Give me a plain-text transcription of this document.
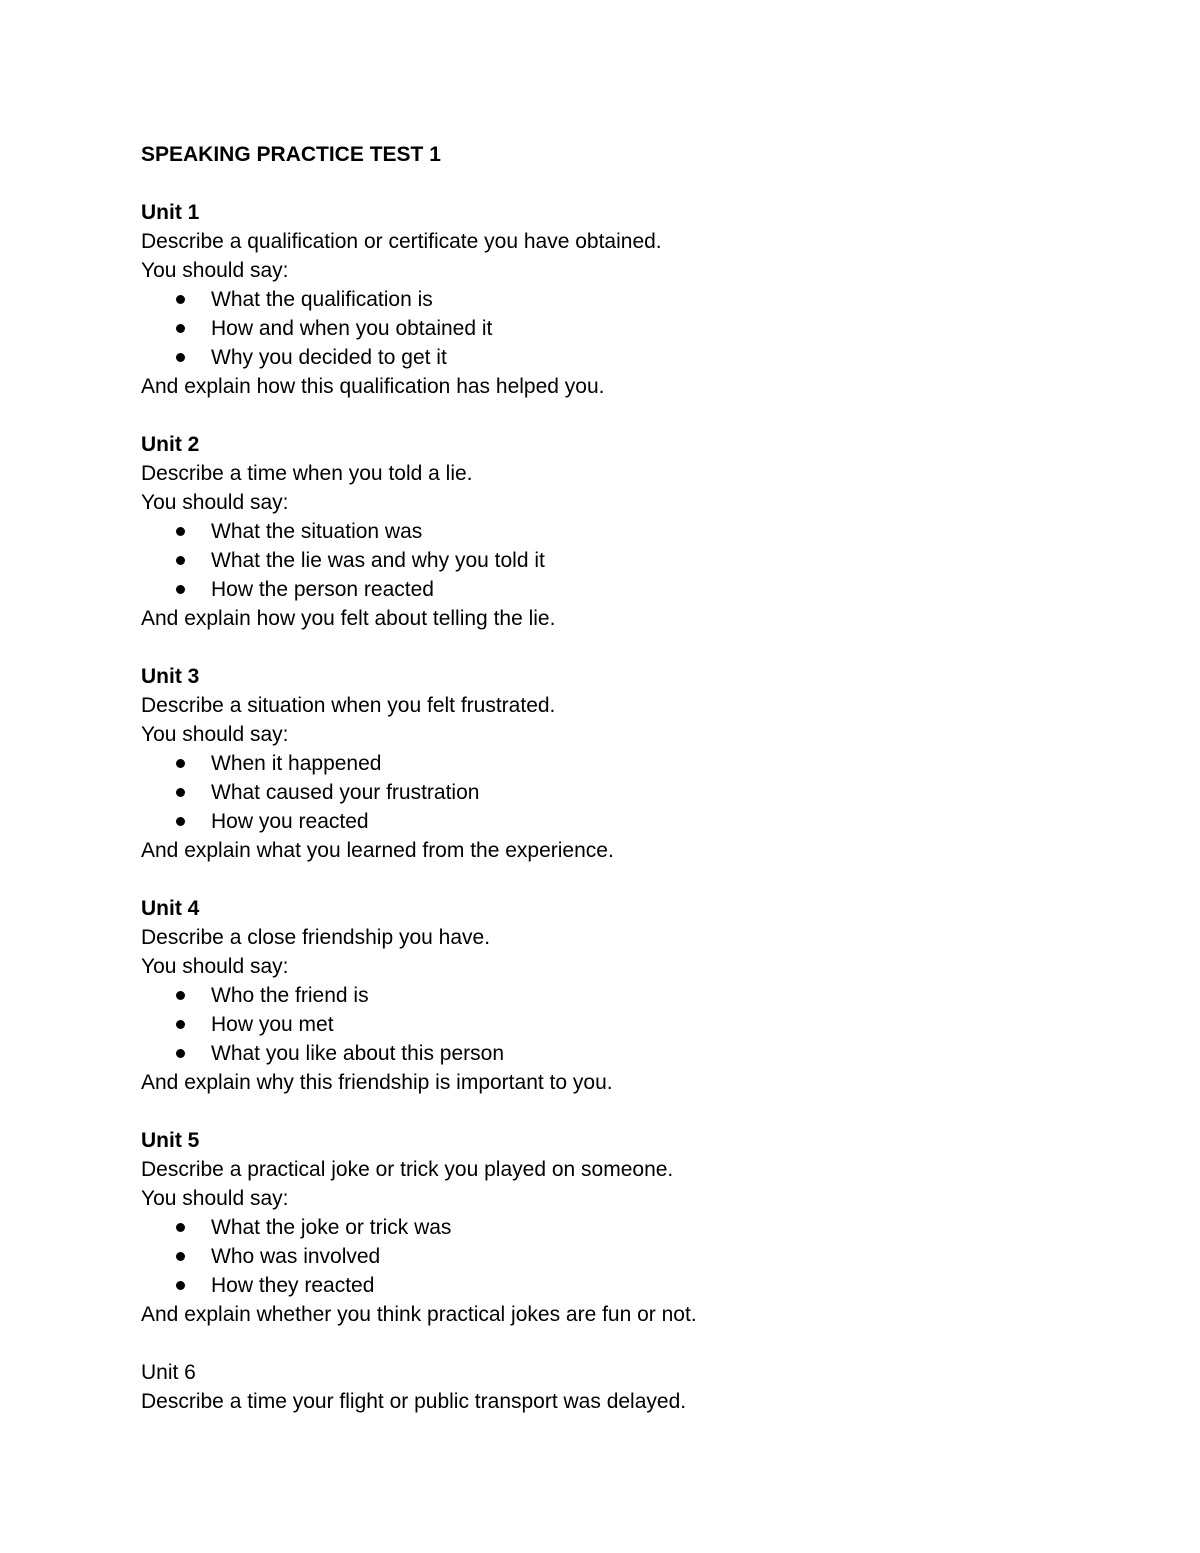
SPEAKING PRACTICE TEST 1
Unit 1
Describe a qualification or certificate you have obtained.
You should say:
What the qualification is
How and when you obtained it
Why you decided to get it
And explain how this qualification has helped you.
Unit 2
Describe a time when you told a lie.
You should say:
What the situation was
What the lie was and why you told it
How the person reacted
And explain how you felt about telling the lie.
Unit 3
Describe a situation when you felt frustrated.
You should say:
When it happened
What caused your frustration
How you reacted
And explain what you learned from the experience.
Unit 4
Describe a close friendship you have.
You should say:
Who the friend is
How you met
What you like about this person
And explain why this friendship is important to you.
Unit 5
Describe a practical joke or trick you played on someone.
You should say:
What the joke or trick was
Who was involved
How they reacted
And explain whether you think practical jokes are fun or not.
Unit 6
Describe a time your flight or public transport was delayed.
